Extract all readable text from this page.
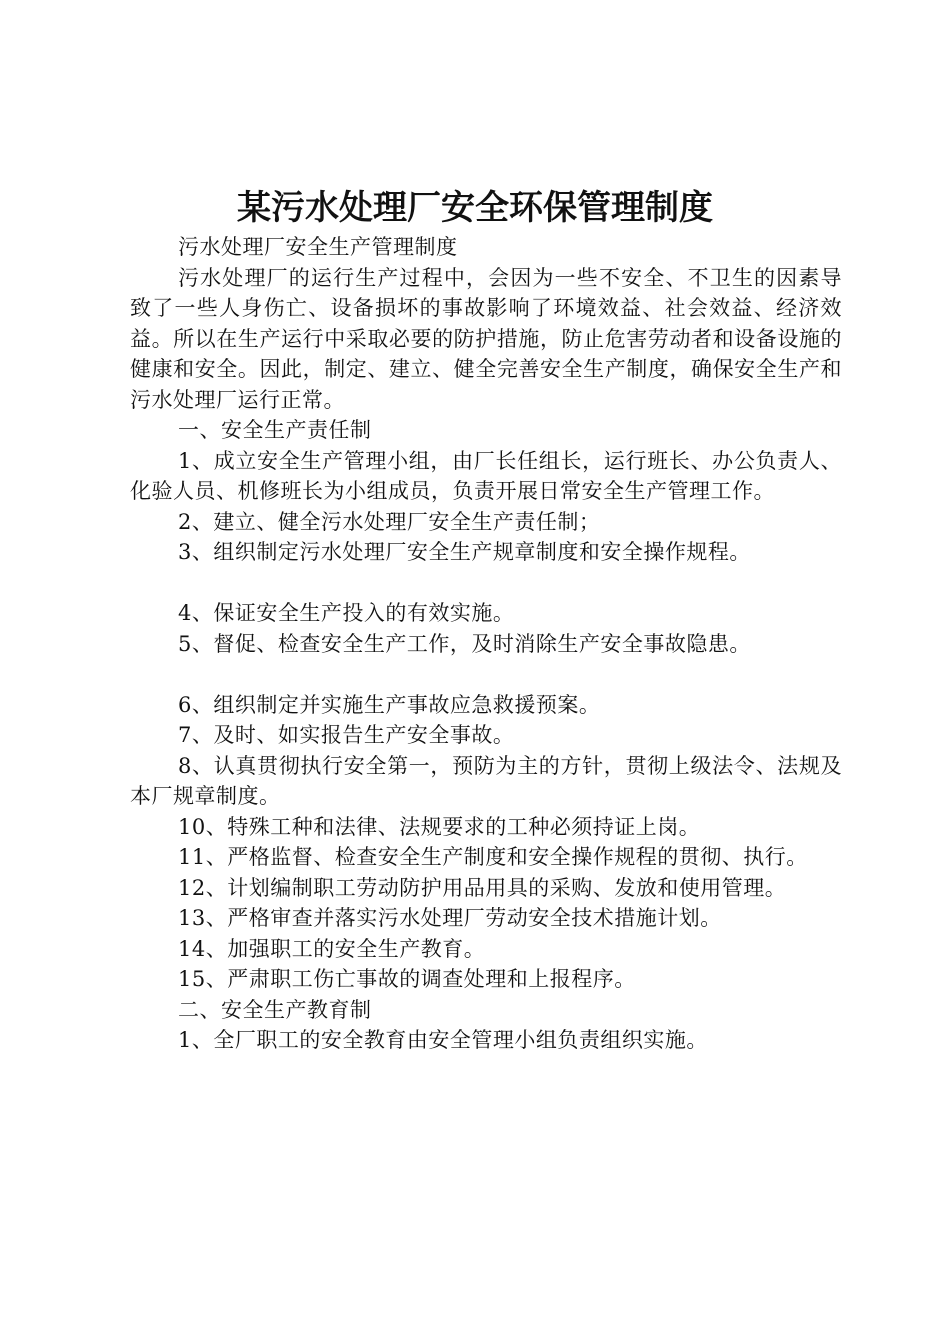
某污水处理厂安全环保管理制度

污水处理厂安全生产管理制度

污水处理厂的运行生产过程中，会因为一些不安全、不卫生的因素导致了一些人身伤亡、设备损坏的事故影响了环境效益、社会效益、经济效益。所以在生产运行中采取必要的防护措施，防止危害劳动者和设备设施的健康和安全。因此，制定、建立、健全完善安全生产制度，确保安全生产和污水处理厂运行正常。

一、安全生产责任制

1、成立安全生产管理小组，由厂长任组长，运行班长、办公负责人、化验人员、机修班长为小组成员，负责开展日常安全生产管理工作。

2、建立、健全污水处理厂安全生产责任制；

3、组织制定污水处理厂安全生产规章制度和安全操作规程。

4、保证安全生产投入的有效实施。

5、督促、检查安全生产工作，及时消除生产安全事故隐患。

6、组织制定并实施生产事故应急救援预案。

7、及时、如实报告生产安全事故。

8、认真贯彻执行安全第一，预防为主的方针，贯彻上级法令、法规及本厂规章制度。

10、特殊工种和法律、法规要求的工种必须持证上岗。

11、严格监督、检查安全生产制度和安全操作规程的贯彻、执行。

12、计划编制职工劳动防护用品用具的采购、发放和使用管理。

13、严格审查并落实污水处理厂劳动安全技术措施计划。

14、加强职工的安全生产教育。

15、严肃职工伤亡事故的调查处理和上报程序。

二、安全生产教育制

1、全厂职工的安全教育由安全管理小组负责组织实施。
